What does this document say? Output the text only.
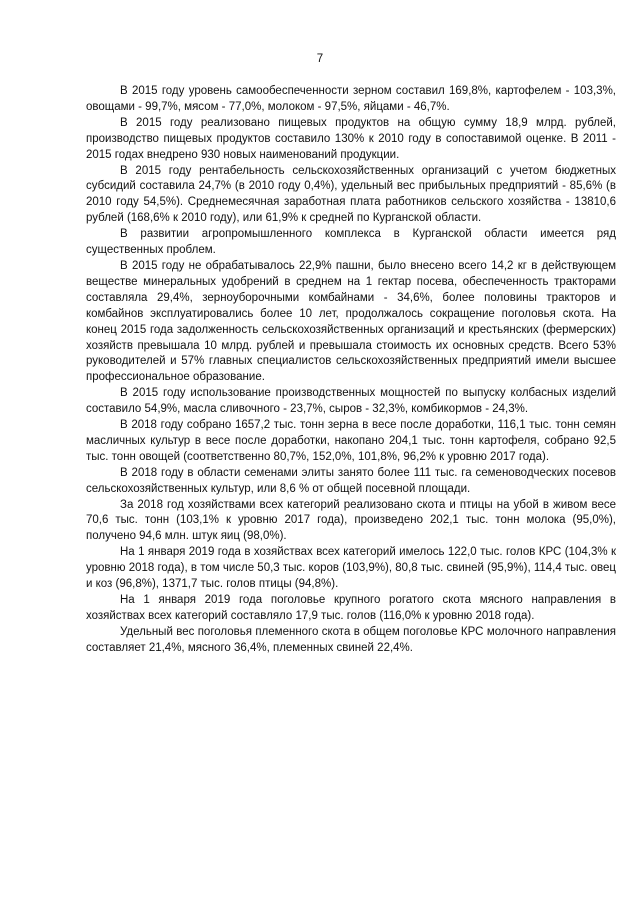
7

В 2015 году уровень самообеспеченности зерном составил 169,8%, картофелем - 103,3%, овощами - 99,7%, мясом - 77,0%, молоком - 97,5%, яйцами - 46,7%.

В 2015 году реализовано пищевых продуктов на общую сумму 18,9 млрд. рублей, производство пищевых продуктов составило 130% к 2010 году в сопоставимой оценке. В 2011 - 2015 годах внедрено 930 новых наименований продукции.

В 2015 году рентабельность сельскохозяйственных организаций с учетом бюджетных субсидий составила 24,7% (в 2010 году 0,4%), удельный вес прибыльных предприятий - 85,6% (в 2010 году 54,5%). Среднемесячная заработная плата работников сельского хозяйства - 13810,6 рублей (168,6% к 2010 году), или 61,9% к средней по Курганской области.

В развитии агропромышленного комплекса в Курганской области имеется ряд существенных проблем.

В 2015 году не обрабатывалось 22,9% пашни, было внесено всего 14,2 кг в действующем веществе минеральных удобрений в среднем на 1 гектар посева, обеспеченность тракторами составляла 29,4%, зерноуборочными комбайнами - 34,6%, более половины тракторов и комбайнов эксплуатировались более 10 лет, продолжалось сокращение поголовья скота. На конец 2015 года задолженность сельскохозяйственных организаций и крестьянских (фермерских) хозяйств превышала 10 млрд. рублей и превышала стоимость их основных средств. Всего 53% руководителей и 57% главных специалистов сельскохозяйственных предприятий имели высшее профессиональное образование.

В 2015 году использование производственных мощностей по выпуску колбасных изделий составило 54,9%, масла сливочного - 23,7%, сыров - 32,3%, комбикормов - 24,3%.

В 2018 году собрано 1657,2 тыс. тонн зерна в весе после доработки, 116,1 тыс. тонн семян масличных культур в весе после доработки, накопано 204,1 тыс. тонн картофеля, собрано 92,5 тыс. тонн овощей (соответственно 80,7%, 152,0%, 101,8%, 96,2% к уровню 2017 года).

В 2018 году в области семенами элиты занято более 111 тыс. га семеноводческих посевов сельскохозяйственных культур, или 8,6 % от общей посевной площади.

За 2018 год хозяйствами всех категорий реализовано скота и птицы на убой в живом весе 70,6 тыс. тонн (103,1% к уровню 2017 года), произведено 202,1 тыс. тонн молока (95,0%), получено 94,6 млн. штук яиц (98,0%).

На 1 января 2019 года в хозяйствах всех категорий имелось 122,0 тыс. голов КРС (104,3% к уровню 2018 года), в том числе 50,3 тыс. коров (103,9%), 80,8 тыс. свиней (95,9%), 114,4 тыс. овец и коз (96,8%), 1371,7 тыс. голов птицы (94,8%).

На 1 января 2019 года поголовье крупного рогатого скота мясного направления в хозяйствах всех категорий составляло 17,9 тыс. голов (116,0% к уровню 2018 года).

Удельный вес поголовья племенного скота в общем поголовье КРС молочного направления составляет 21,4%, мясного 36,4%, племенных свиней 22,4%.
